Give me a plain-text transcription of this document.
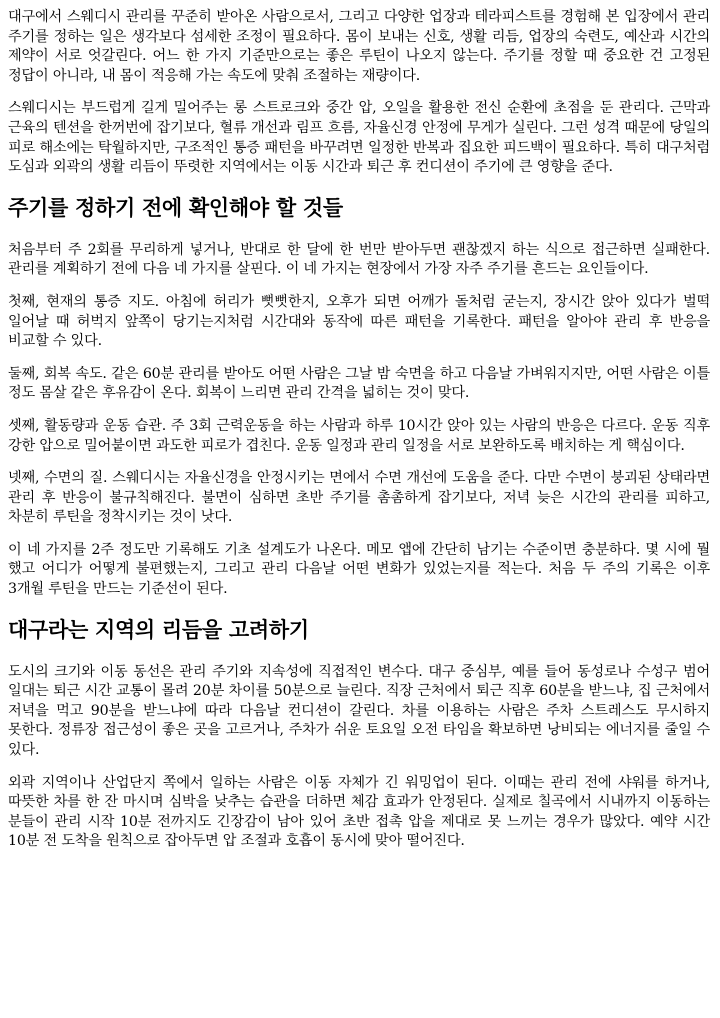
대구에서 스웨디시 관리를 꾸준히 받아온 사람으로서, 그리고 다양한 업장과 테라피스트를 경험해 본 입장에서 관리 주기를 정하는 일은 생각보다 섬세한 조정이 필요하다. 몸이 보내는 신호, 생활 리듬, 업장의 숙련도, 예산과 시간의 제약이 서로 엇갈린다. 어느 한 가지 기준만으로는 좋은 루틴이 나오지 않는다. 주기를 정할 때 중요한 건 고정된 정답이 아니라, 내 몸이 적응해 가는 속도에 맞춰 조절하는 재량이다.

스웨디시는 부드럽게 길게 밀어주는 롱 스트로크와 중간 압, 오일을 활용한 전신 순환에 초점을 둔 관리다. 근막과 근육의 텐션을 한꺼번에 잡기보다, 혈류 개선과 림프 흐름, 자율신경 안정에 무게가 실린다. 그런 성격 때문에 당일의 피로 해소에는 탁월하지만, 구조적인 통증 패턴을 바꾸려면 일정한 반복과 집요한 피드백이 필요하다. 특히 대구처럼 도심과 외곽의 생활 리듬이 뚜렷한 지역에서는 이동 시간과 퇴근 후 컨디션이 주기에 큰 영향을 준다.

주기를 정하기 전에 확인해야 할 것들

처음부터 주 2회를 무리하게 넣거나, 반대로 한 달에 한 번만 받아두면 괜찮겠지 하는 식으로 접근하면 실패한다. 관리를 계획하기 전에 다음 네 가지를 살핀다. 이 네 가지는 현장에서 가장 자주 주기를 흔드는 요인들이다.

첫째, 현재의 통증 지도. 아침에 허리가 뻣뻣한지, 오후가 되면 어깨가 돌처럼 굳는지, 장시간 앉아 있다가 벌떡 일어날 때 허벅지 앞쪽이 당기는지처럼 시간대와 동작에 따른 패턴을 기록한다. 패턴을 알아야 관리 후 반응을 비교할 수 있다.

둘째, 회복 속도. 같은 60분 관리를 받아도 어떤 사람은 그날 밤 숙면을 하고 다음날 가벼워지지만, 어떤 사람은 이틀 정도 몸살 같은 후유감이 온다. 회복이 느리면 관리 간격을 넓히는 것이 맞다.

셋째, 활동량과 운동 습관. 주 3회 근력운동을 하는 사람과 하루 10시간 앉아 있는 사람의 반응은 다르다. 운동 직후 강한 압으로 밀어붙이면 과도한 피로가 겹친다. 운동 일정과 관리 일정을 서로 보완하도록 배치하는 게 핵심이다.

넷째, 수면의 질. 스웨디시는 자율신경을 안정시키는 면에서 수면 개선에 도움을 준다. 다만 수면이 붕괴된 상태라면 관리 후 반응이 불규칙해진다. 불면이 심하면 초반 주기를 촘촘하게 잡기보다, 저녁 늦은 시간의 관리를 피하고, 차분히 루틴을 정착시키는 것이 낫다.

이 네 가지를 2주 정도만 기록해도 기초 설계도가 나온다. 메모 앱에 간단히 남기는 수준이면 충분하다. 몇 시에 뭘 했고 어디가 어떻게 불편했는지, 그리고 관리 다음날 어떤 변화가 있었는지를 적는다. 처음 두 주의 기록은 이후 3개월 루틴을 만드는 기준선이 된다.

대구라는 지역의 리듬을 고려하기

도시의 크기와 이동 동선은 관리 주기와 지속성에 직접적인 변수다. 대구 중심부, 예를 들어 동성로나 수성구 범어 일대는 퇴근 시간 교통이 몰려 20분 차이를 50분으로 늘린다. 직장 근처에서 퇴근 직후 60분을 받느냐, 집 근처에서 저녁을 먹고 90분을 받느냐에 따라 다음날 컨디션이 갈린다. 차를 이용하는 사람은 주차 스트레스도 무시하지 못한다. 정류장 접근성이 좋은 곳을 고르거나, 주차가 쉬운 토요일 오전 타임을 확보하면 낭비되는 에너지를 줄일 수 있다.

외곽 지역이나 산업단지 쪽에서 일하는 사람은 이동 자체가 긴 워밍업이 된다. 이때는 관리 전에 샤워를 하거나, 따뜻한 차를 한 잔 마시며 심박을 낮추는 습관을 더하면 체감 효과가 안정된다. 실제로 칠곡에서 시내까지 이동하는 분들이 관리 시작 10분 전까지도 긴장감이 남아 있어 초반 접촉 압을 제대로 못 느끼는 경우가 많았다. 예약 시간 10분 전 도착을 원칙으로 잡아두면 압 조절과 호흡이 동시에 맞아 떨어진다.
